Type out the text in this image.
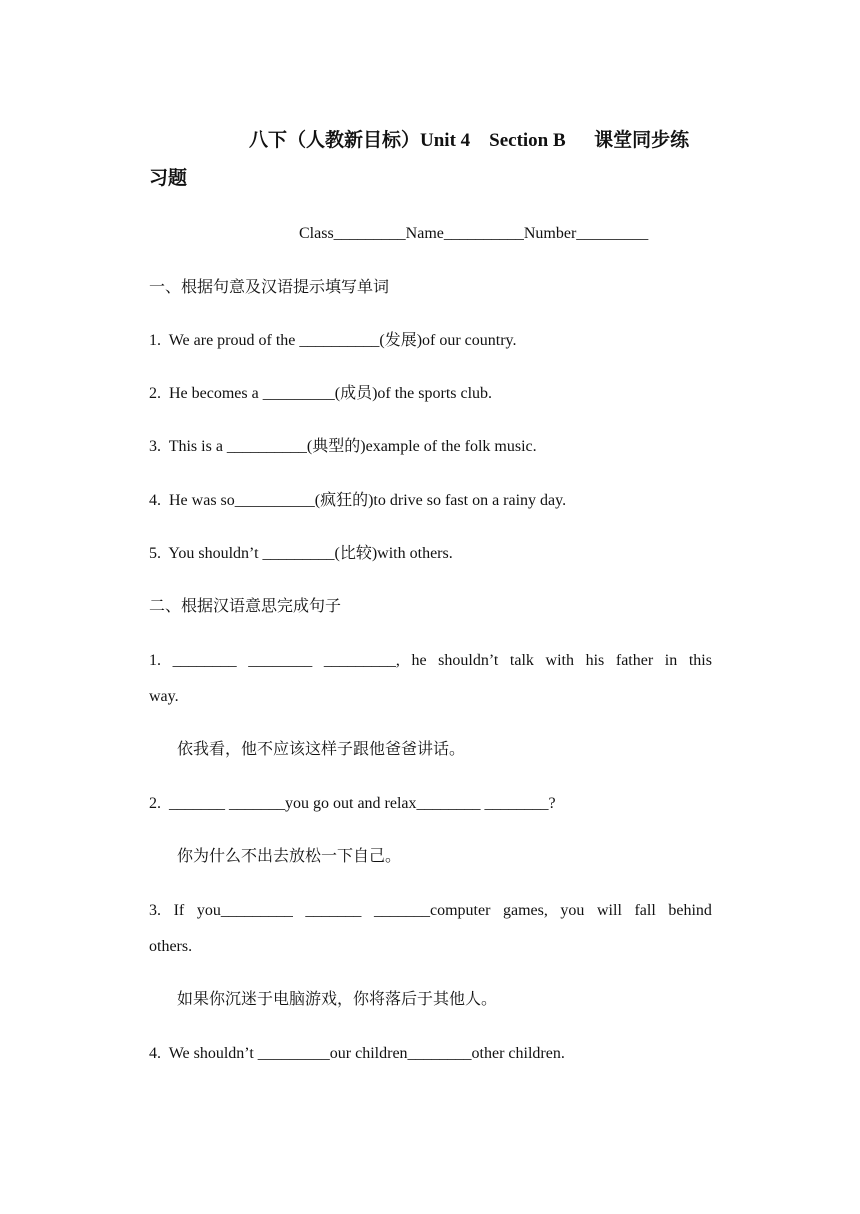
八下（人教新目标）Unit 4    Section B      课堂同步练
习题
Class_________Name__________Number_________
一、根据句意及汉语提示填写单词
1.  We are proud of the __________(发展)of our country.
2.  He becomes a _________(成员)of the sports club.
3.  This is a __________(典型的)example of the folk music.
4.  He was so__________(疯狂的)to drive so fast on a rainy day.
5.  You shouldn’t _________(比较)with others.
二、根据汉语意思完成句子
1. ________ ________ _________, he shouldn’t talk with his father in this
way.
依我看，他不应该这样子跟他爸爸讲话。
2.  _______ _______you go out and relax________ ________?
你为什么不出去放松一下自己。
3. If you_________ _______ _______computer games, you will fall behind
others.
如果你沉迷于电脑游戏，你将落后于其他人。
4.  We shouldn’t _________our children________other children.
